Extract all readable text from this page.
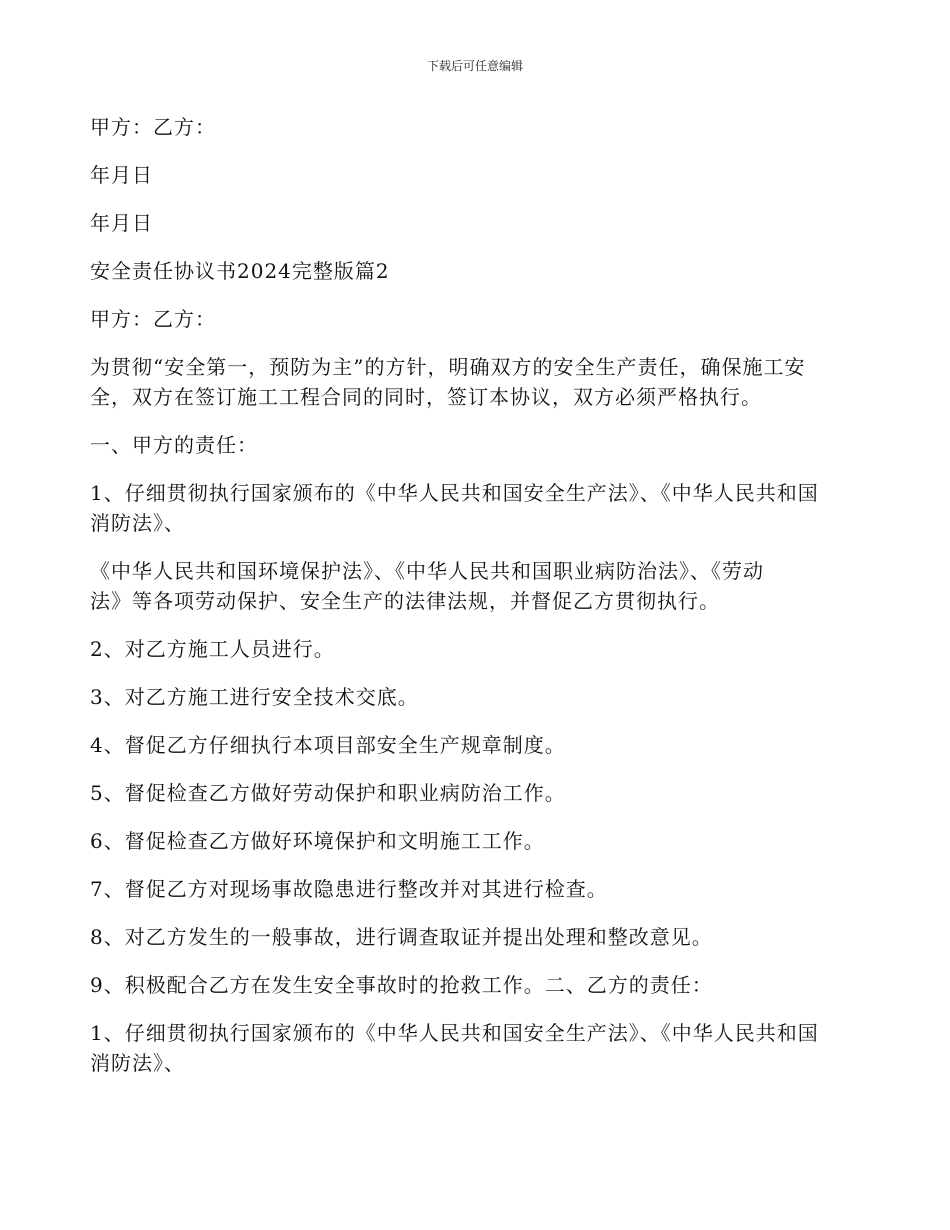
下载后可任意编辑

甲方：乙方：

年月日

年月日

安全责任协议书2024完整版篇2

甲方：乙方：

为贯彻“安全第一，预防为主”的方针，明确双方的安全生产责任，确保施工安
全，双方在签订施工工程合同的同时，签订本协议，双方必须严格执行。

一、甲方的责任：

1、仔细贯彻执行国家颁布的《中华人民共和国安全生产法》、《中华人民共和国
消防法》、

《中华人民共和国环境保护法》、《中华人民共和国职业病防治法》、《劳动
法》等各项劳动保护、安全生产的法律法规，并督促乙方贯彻执行。

2、对乙方施工人员进行。

3、对乙方施工进行安全技术交底。

4、督促乙方仔细执行本项目部安全生产规章制度。

5、督促检查乙方做好劳动保护和职业病防治工作。

6、督促检查乙方做好环境保护和文明施工工作。

7、督促乙方对现场事故隐患进行整改并对其进行检查。

8、对乙方发生的一般事故，进行调查取证并提出处理和整改意见。

9、积极配合乙方在发生安全事故时的抢救工作。二、乙方的责任：

1、仔细贯彻执行国家颁布的《中华人民共和国安全生产法》、《中华人民共和国
消防法》、
